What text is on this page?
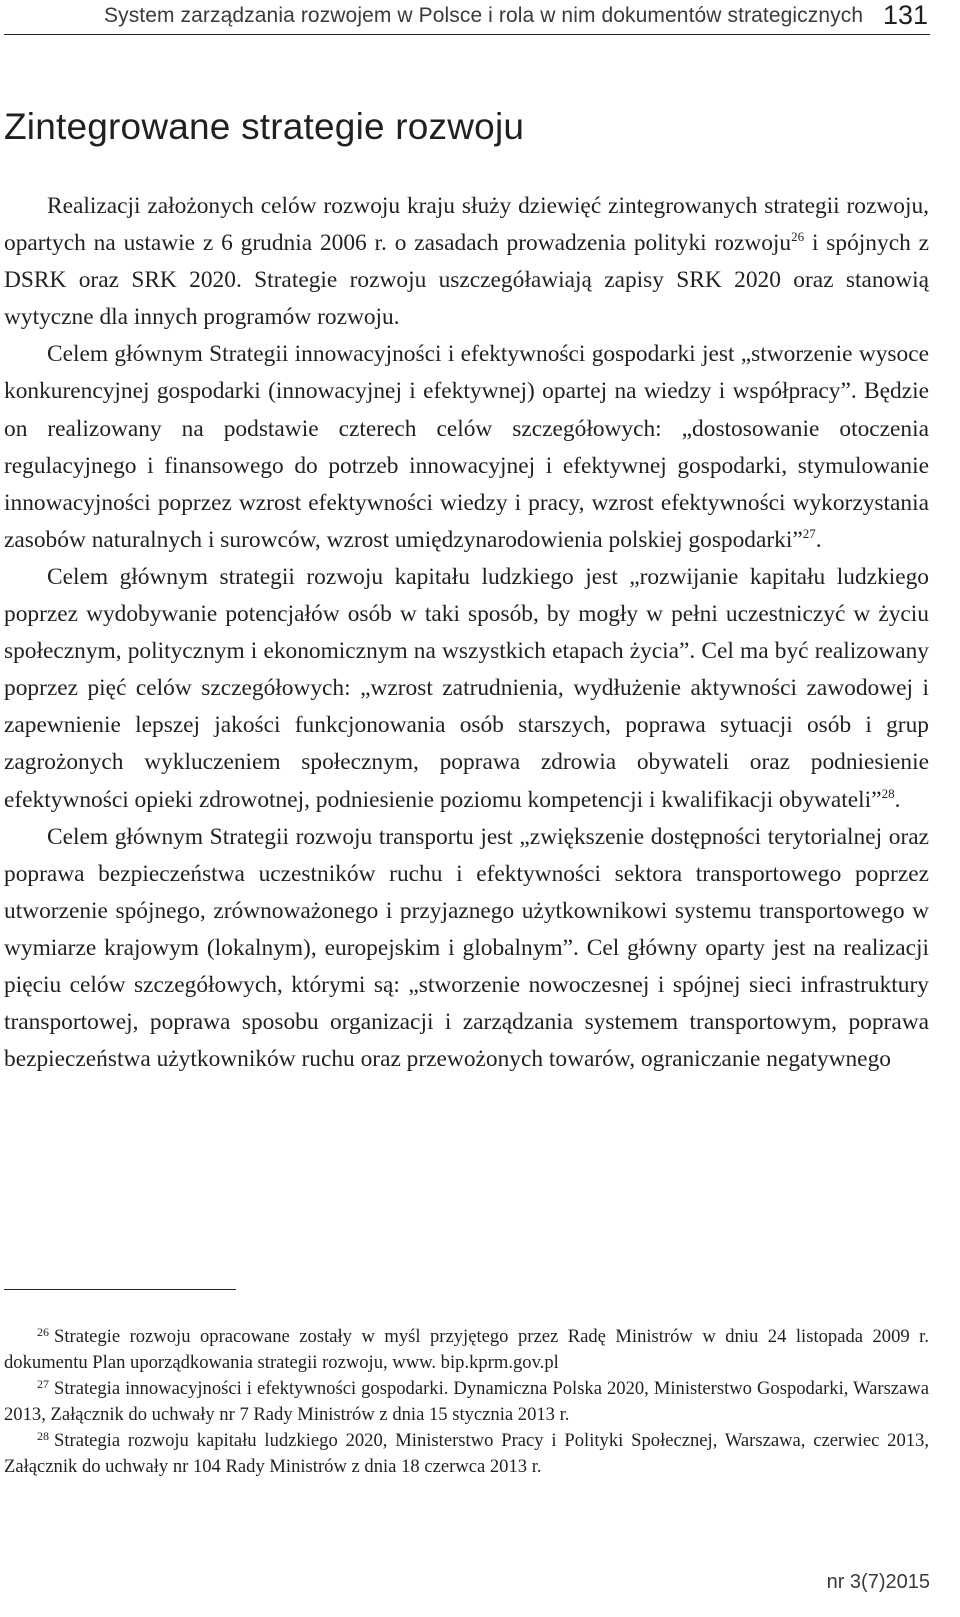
System zarządzania rozwojem w Polsce i rola w nim dokumentów strategicznych 131
Zintegrowane strategie rozwoju

Realizacji założonych celów rozwoju kraju służy dziewięć zintegrowanych strategii rozwoju, opartych na ustawie z 6 grudnia 2006 r. o zasadach prowadzenia polityki rozwoju$^{26}$ i spójnych z DSRK oraz SRK 2020. Strategie rozwoju uszczegóławiają zapisy SRK 2020 oraz stanowią wytyczne dla innych programów rozwoju.

Celem głównym Strategii innowacyjności i efektywności gospodarki jest „stworzenie wysoce konkurencyjnej gospodarki (innowacyjnej i efektywnej) opartej na wiedzy i współpracy”. Będzie on realizowany na podstawie czterech celów szczegółowych: „dostosowanie otoczenia regulacyjnego i finansowego do potrzeb innowacyjnej i efektywnej gospodarki, stymulowanie innowacyjności poprzez wzrost efektywności wiedzy i pracy, wzrost efektywności wykorzystania zasobów naturalnych i surowców, wzrost umiędzynarodowienia polskiej gospodarki”$^{27}$.

Celem głównym strategii rozwoju kapitału ludzkiego jest „rozwijanie kapitału ludzkiego poprzez wydobywanie potencjałów osób w taki sposób, by mogły w pełni uczestniczyć w życiu społecznym, politycznym i ekonomicznym na wszystkich etapach życia”. Cel ma być realizowany poprzez pięć celów szczegółowych: „wzrost zatrudnienia, wydłużenie aktywności zawodowej i zapewnienie lepszej jakości funkcjonowania osób starszych, poprawa sytuacji osób i grup zagrożonych wykluczeniem społecznym, poprawa zdrowia obywateli oraz podniesienie efektywności opieki zdrowotnej, podniesienie poziomu kompetencji i kwalifikacji obywateli”$^{28}$.

Celem głównym Strategii rozwoju transportu jest „zwiększenie dostępności terytorialnej oraz poprawa bezpieczeństwa uczestników ruchu i efektywności sektora transportowego poprzez utworzenie spójnego, zrównoważonego i przyjaznego użytkownikowi systemu transportowego w wymiarze krajowym (lokalnym), europejskim i globalnym”. Cel główny oparty jest na realizacji pięciu celów szczegółowych, którymi są: „stworzenie nowoczesnej i spójnej sieci infrastruktury transportowej, poprawa sposobu organizacji i zarządzania systemem transportowym, poprawa bezpieczeństwa użytkowników ruchu oraz przewożonych towarów, ograniczanie negatywnego

$^{26}$ Strategie rozwoju opracowane zostały w myśl przyjętego przez Radę Ministrów w dniu 24 listopada 2009 r. dokumentu Plan uporządkowania strategii rozwoju, www. bip.kprm.gov.pl

$^{27}$ Strategia innowacyjności i efektywności gospodarki. Dynamiczna Polska 2020, Ministerstwo Gospodarki, Warszawa 2013, Załącznik do uchwały nr 7 Rady Ministrów z dnia 15 stycznia 2013 r.

$^{28}$ Strategia rozwoju kapitału ludzkiego 2020, Ministerstwo Pracy i Polityki Społecznej, Warszawa, czerwiec 2013, Załącznik do uchwały nr 104 Rady Ministrów z dnia 18 czerwca 2013 r.

nr 3(7)2015
